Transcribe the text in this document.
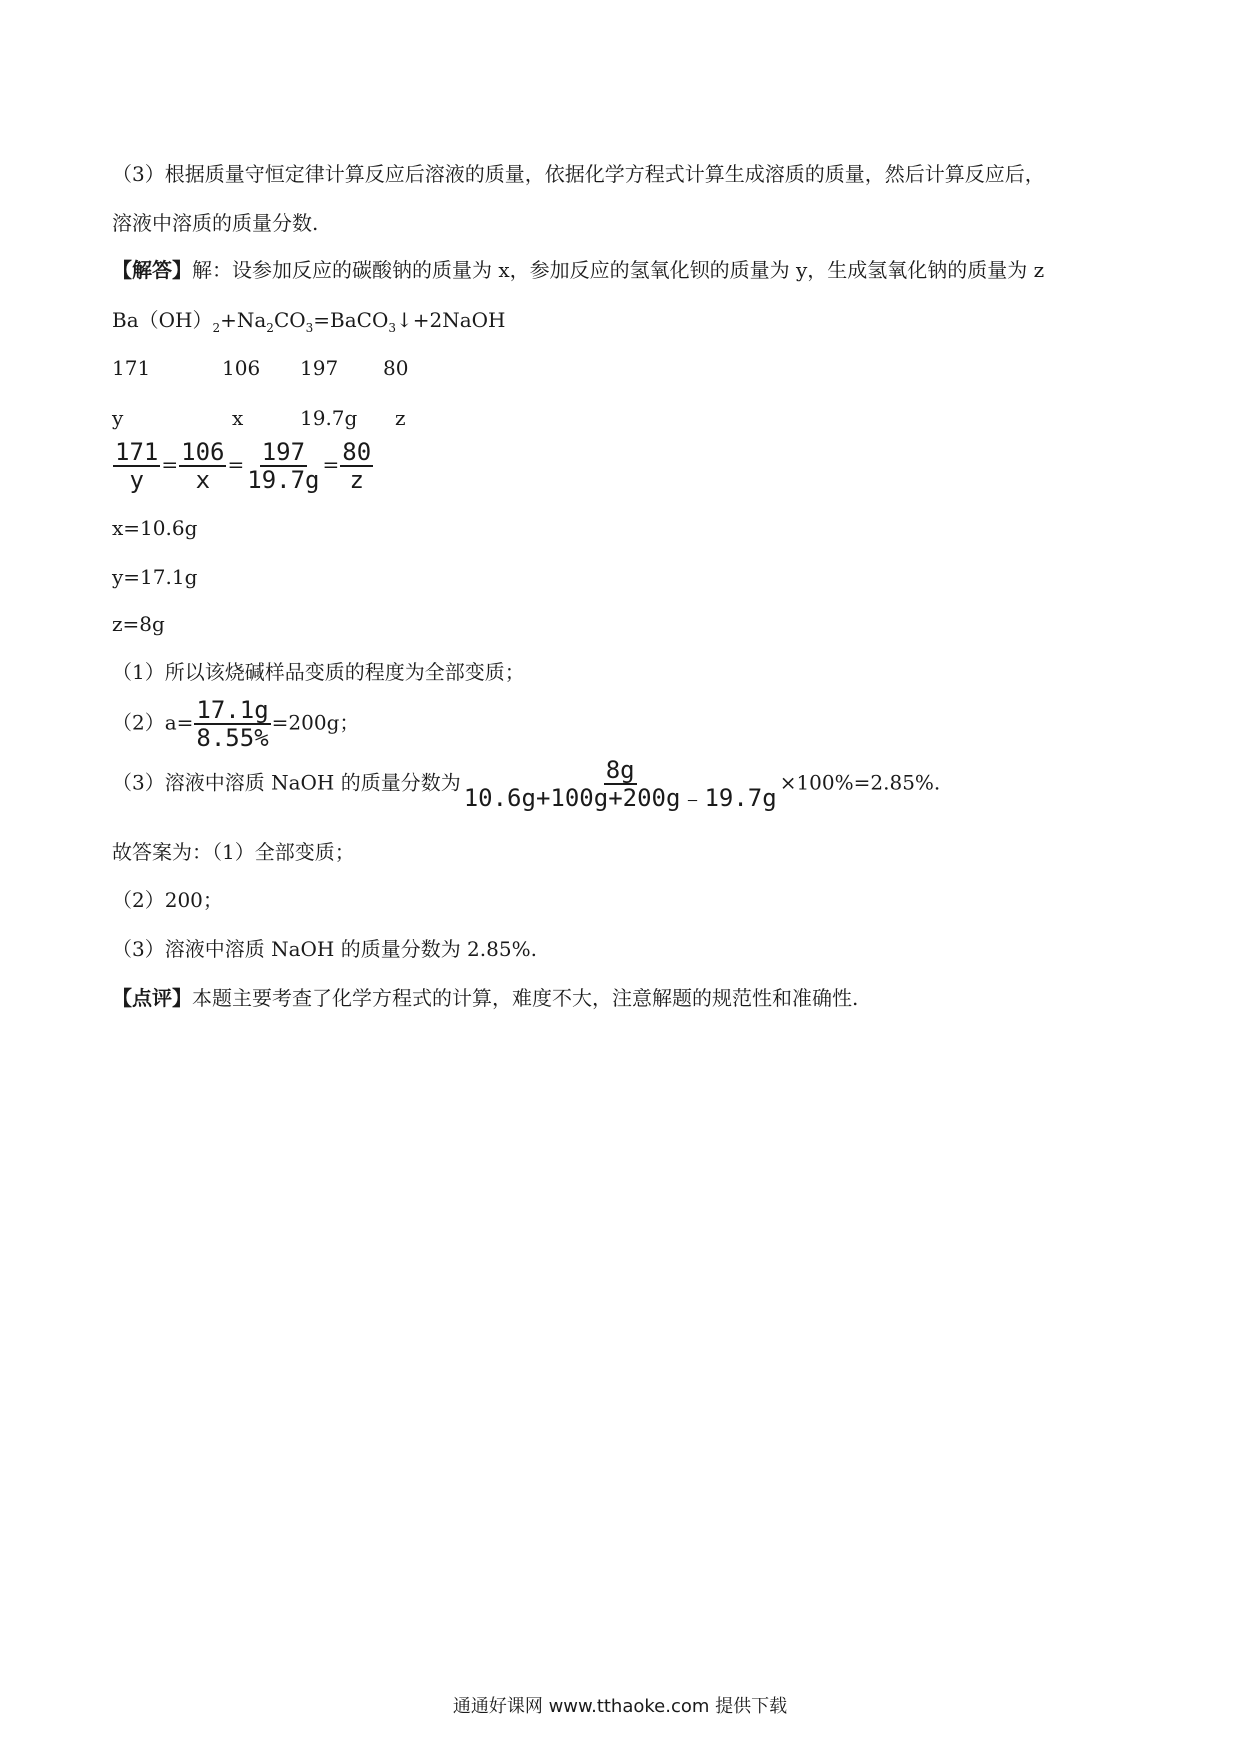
（3）根据质量守恒定律计算反应后溶液的质量，依据化学方程式计算生成溶质的质量，然后计算反应后，
溶液中溶质的质量分数.
【解答】解：设参加反应的碳酸钠的质量为 x，参加反应的氢氧化钡的质量为 y，生成氢氧化钠的质量为 z
$Ba(OH)_2+Na_2CO_3=BaCO_3↓+2NaOH$
171	106 197 80
y	x	19.7g z
$\frac{171}{y} = \frac{106}{x} = \frac{197}{19.7g} = \frac{80}{z}$
x=10.6g
y=17.1g
z=8g
（1）所以该烧碱样品变质的程度为全部变质；
$(2)a= \frac{17.1g}{8.55\%} =200g$；
（3）溶液中溶质 NaOH 的质量分数为 $\frac{8g}{10.6g+100g+200g﹣19.7g} \times 100\%=2.85\%$.
故答案为：（1）全部变质；
（2）200；
（3）溶液中溶质 NaOH 的质量分数为 2.85%.
【点评】本题主要考查了化学方程式的计算，难度不大，注意解题的规范性和准确性.
通通好课网 www.tthaoke.com 提供下载
